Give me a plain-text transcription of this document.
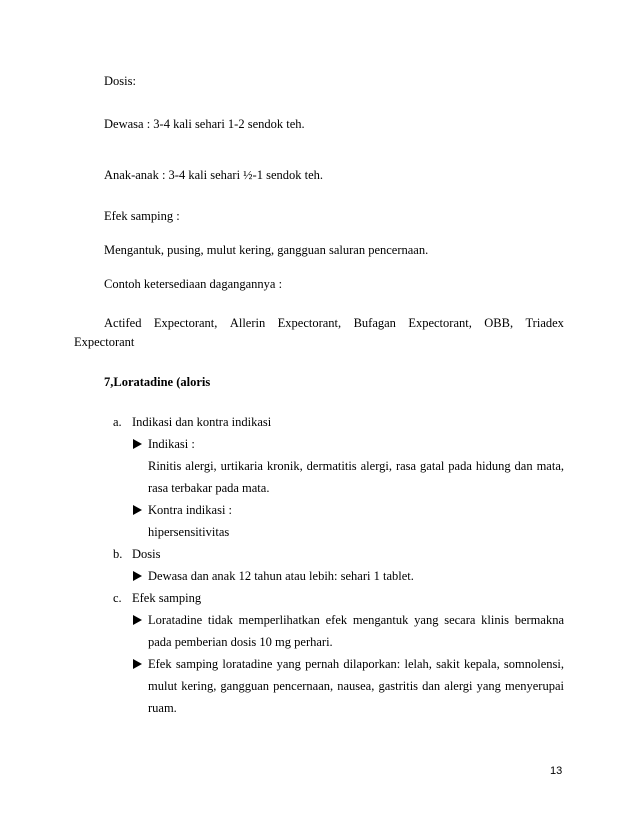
Dosis:
Dewasa : 3-4 kali sehari 1-2 sendok teh.
Anak-anak : 3-4 kali sehari ½-1 sendok teh.
Efek samping :
Mengantuk, pusing, mulut kering, gangguan saluran pencernaan.
Contoh ketersediaan dagangannya :
Actifed Expectorant, Allerin Expectorant, Bufagan Expectorant, OBB, Triadex
Expectorant
7,Loratadine (aloris
a. Indikasi dan kontra indikasi
Indikasi :
Rinitis alergi, urtikaria kronik, dermatitis alergi, rasa gatal pada hidung dan mata,
rasa terbakar pada mata.
Kontra indikasi :
hipersensitivitas
b. Dosis
Dewasa dan anak 12 tahun atau lebih: sehari 1 tablet.
c. Efek samping
Loratadine tidak memperlihatkan efek mengantuk yang secara klinis bermakna
pada pemberian dosis 10 mg perhari.
Efek samping loratadine yang pernah dilaporkan: lelah, sakit kepala, somnolensi,
mulut kering, gangguan pencernaan, nausea, gastritis dan alergi yang menyerupai
ruam.
13
